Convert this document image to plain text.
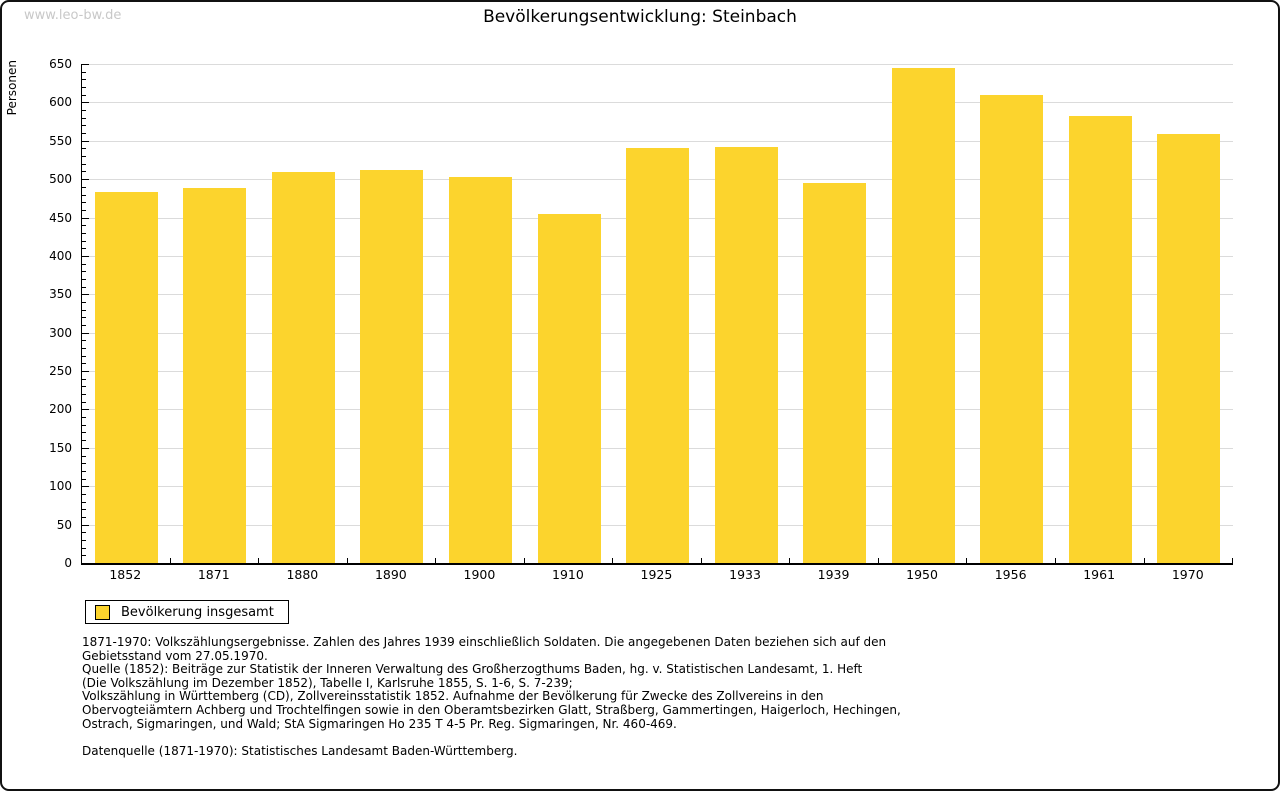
www.leo-bw.de	Bevölkerungsentwicklung: Steinbach
Personen
Bevölkerung insgesamt
1871-1970: Volkszählungsergebnisse. Zahlen des Jahres 1939 einschließlich Soldaten. Die angegebenen Daten beziehen sich auf den
Gebietsstand vom 27.05.1970.
Quelle (1852): Beiträge zur Statistik der Inneren Verwaltung des Großherzogthums Baden, hg. v. Statistischen Landesamt, 1. Heft
(Die Volkszählung im Dezember 1852), Tabelle I, Karlsruhe 1855, S. 1-6, S. 7-239;
Volkszählung in Württemberg (CD), Zollvereinsstatistik 1852. Aufnahme der Bevölkerung für Zwecke des Zollvereins in den
Obervogteiämtern Achberg und Trochtelfingen sowie in den Oberamtsbezirken Glatt, Straßberg, Gammertingen, Haigerloch, Hechingen,
Ostrach, Sigmaringen, und Wald; StA Sigmaringen Ho 235 T 4-5 Pr. Reg. Sigmaringen, Nr. 460-469.

Datenquelle (1871-1970): Statistisches Landesamt Baden-Württemberg.
0
50
100
150
200
250
300
350
400
450
500
550
600
650
1852	1871	1880	1890	1900	1910	1925	1933	1939	1950	1956	1961	1970
